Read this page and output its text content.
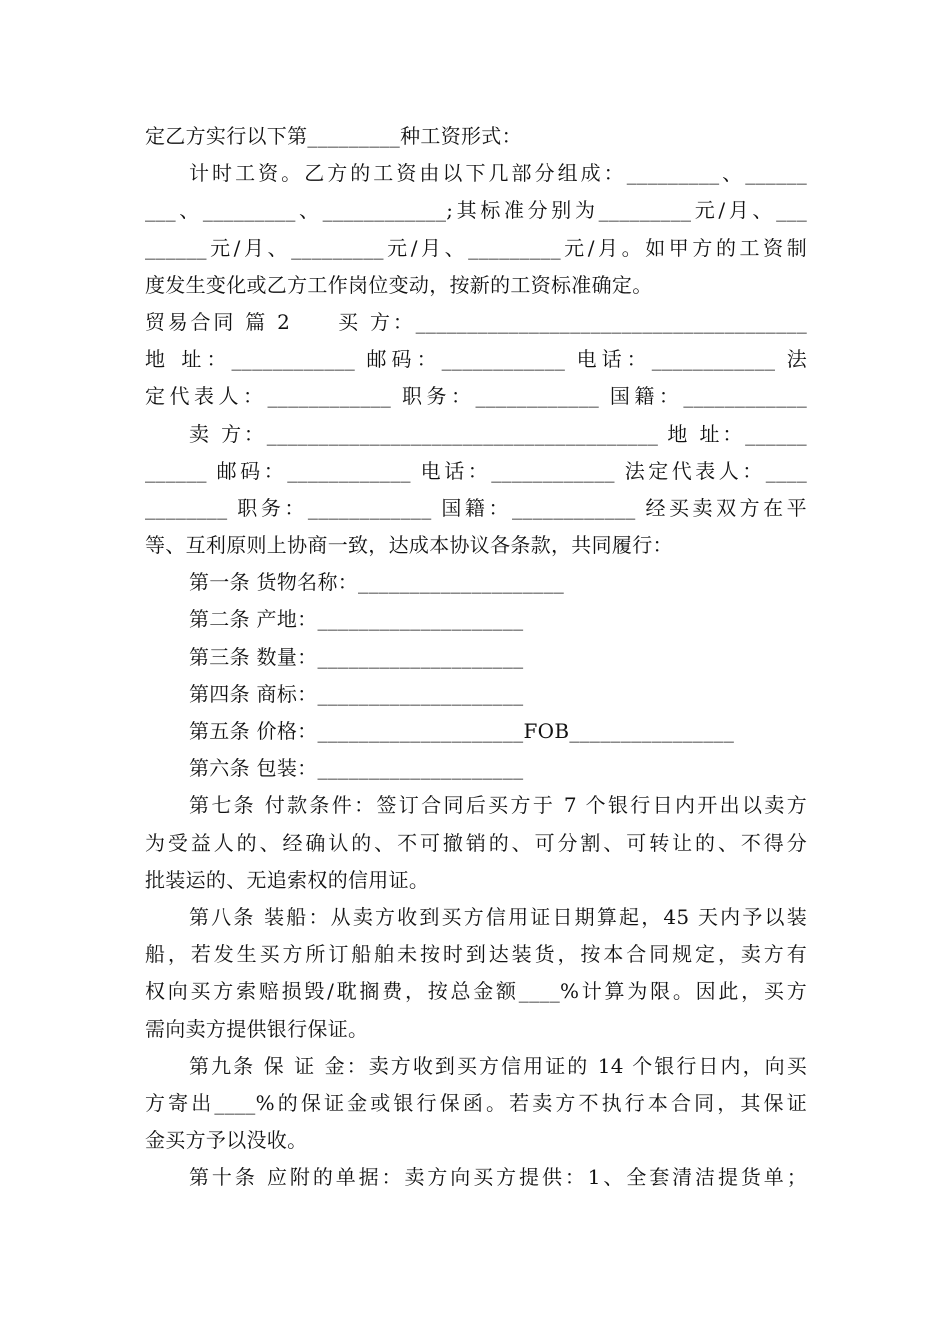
定乙方实行以下第_________种工资形式：
计时工资。乙方的工资由以下几部分组成：_________、______
___、_________、____________;其标准分别为_________元/月、___
______元/月、_________元/月、_________元/月。如甲方的工资制
度发生变化或乙方工作岗位变动，按新的工资标准确定。
贸易合同 篇 2　　买 方：______________________________________
地 址：____________ 邮码：____________ 电话：____________ 法
定代表人：____________ 职务：____________ 国籍：____________
卖 方：______________________________________ 地 址：______
______ 邮码：____________ 电话：____________ 法定代表人：____
________ 职务：____________ 国籍：____________ 经买卖双方在平
等、互利原则上协商一致，达成本协议各条款，共同履行：
第一条 货物名称：____________________
第二条 产地：____________________
第三条 数量：____________________
第四条 商标：____________________
第五条 价格：____________________FOB________________
第六条 包装：____________________
第七条 付款条件：签订合同后买方于 7 个银行日内开出以卖方
为受益人的、经确认的、不可撤销的、可分割、可转让的、不得分
批装运的、无追索权的信用证。
第八条 装船：从卖方收到买方信用证日期算起，45 天内予以装
船，若发生买方所订船舶未按时到达装货，按本合同规定，卖方有
权向买方索赔损毁/耽搁费，按总金额____%计算为限。因此，买方
需向卖方提供银行保证。
第九条 保 证 金：卖方收到买方信用证的 14 个银行日内，向买
方寄出____%的保证金或银行保函。若卖方不执行本合同，其保证
金买方予以没收。
第十条 应附的单据：卖方向买方提供：1、全套清洁提货单；
